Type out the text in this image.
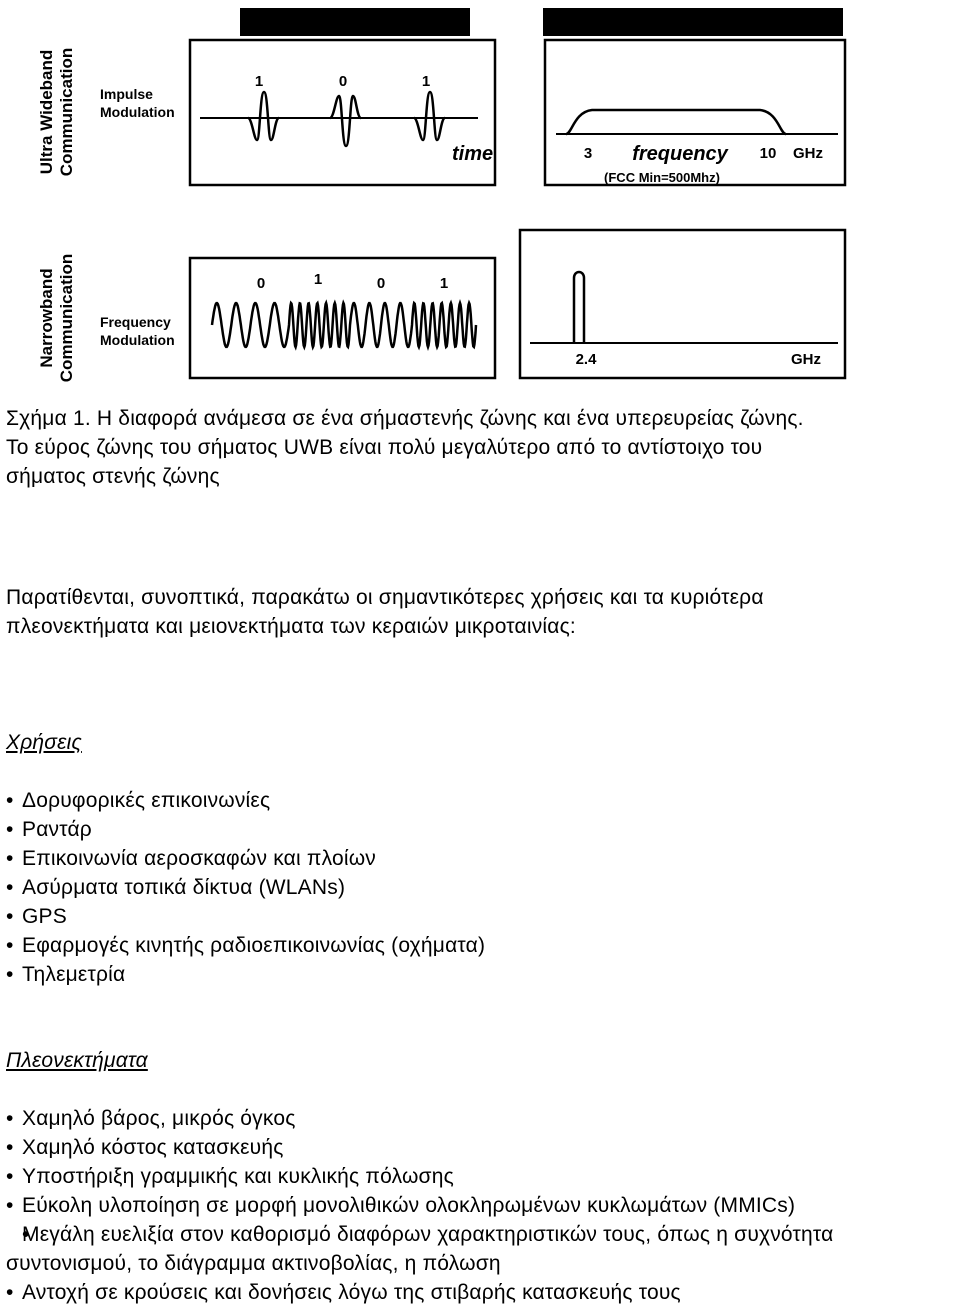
Time-domain behavior	Frequency-domain behavior
Ultra Wideband Communication
Narrowband Communication
Impulse
Modulation
Frequency
Modulation
1	0	1
time	3 frequency 10 GHz
(FCC Min=500Mhz)
0	1	0	1
2.4	GHz
Σχήμα 1. Η διαφορά ανάμεσα σε ένα σήμαστενής ζώνης και ένα υπερευρείας ζώνης.
Το εύρος ζώνης του σήματος UWB είναι πολύ μεγαλύτερο από το αντίστοιχο του
σήματος στενής ζώνης
Παρατίθενται, συνοπτικά, παρακάτω οι σημαντικότερες χρήσεις και τα κυριότερα
πλεονεκτήματα και μειονεκτήματα των κεραιών μικροταινίας:
Χρήσεις
• Δορυφορικές επικοινωνίες
• Ραντάρ
• Επικοινωνία αεροσκαφών και πλοίων
• Ασύρματα τοπικά δίκτυα (WLANs)
• GPS
• Εφαρμογές κινητής ραδιοεπικοινωνίας (οχήματα)
• Τηλεμετρία
Πλεονεκτήματα
• Χαμηλό βάρος, μικρός όγκος
• Χαμηλό κόστος κατασκευής
• Υποστήριξη γραμμικής και κυκλικής πόλωσης
• Εύκολη υλοποίηση σε μορφή μονολιθικών ολοκληρωμένων κυκλωμάτων (MMICs)
• Μεγάλη ευελιξία στον καθορισμό διαφόρων χαρακτηριστικών τους, όπως η συχνότητα συντονισμού, το διάγραμμα ακτινοβολίας, η πόλωση
• Αντοχή σε κρούσεις και δονήσεις λόγω της στιβαρής κατασκευής τους
